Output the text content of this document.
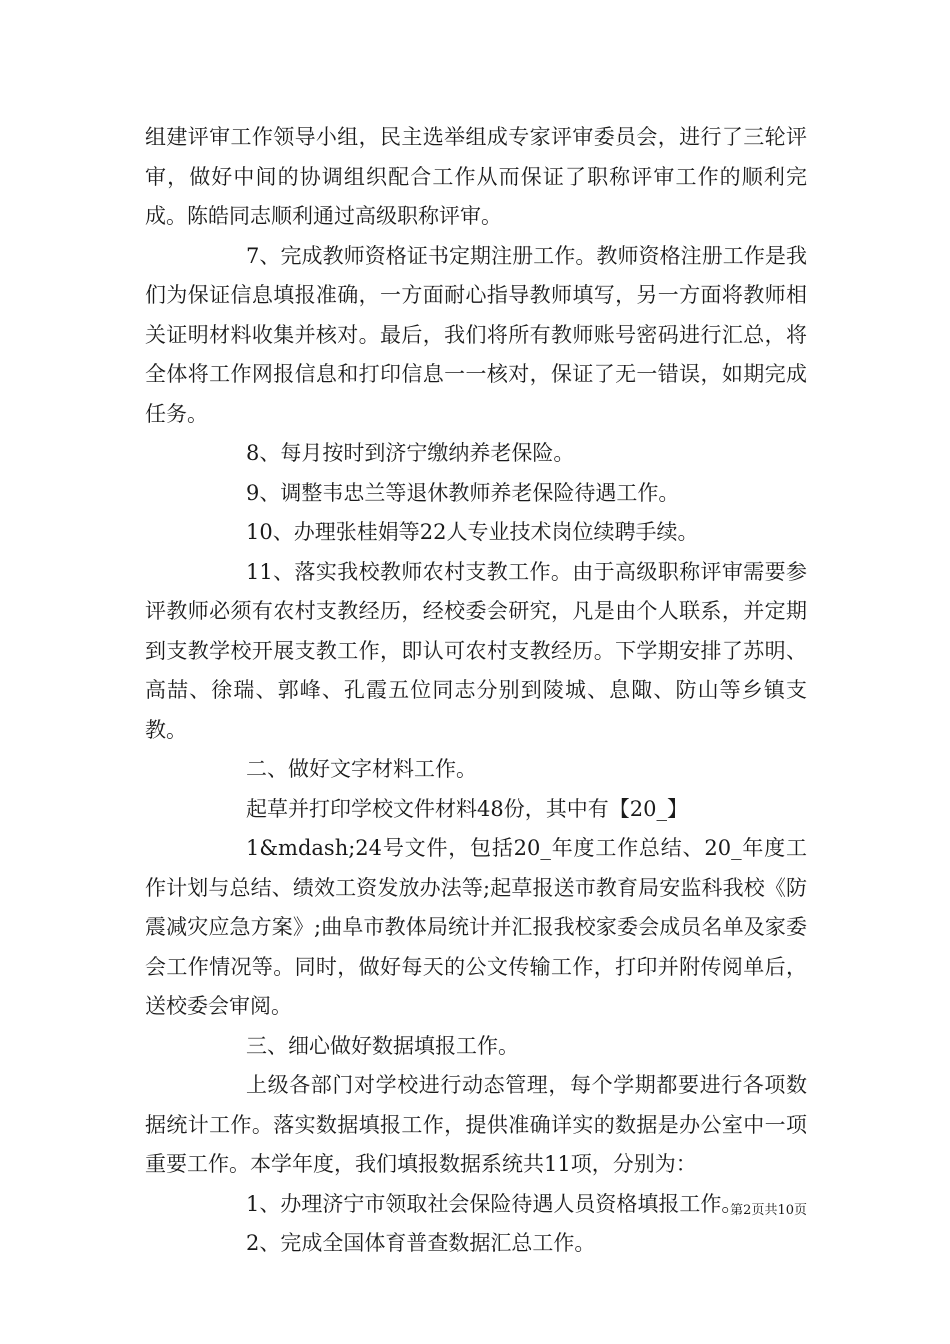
组建评审工作领导小组，民主选举组成专家评审委员会，进行了三轮评审，做好中间的协调组织配合工作从而保证了职称评审工作的顺利完成。陈皓同志顺利通过高级职称评审。

7、完成教师资格证书定期注册工作。教师资格注册工作是我们为保证信息填报准确，一方面耐心指导教师填写，另一方面将教师相关证明材料收集并核对。最后，我们将所有教师账号密码进行汇总，将全体将工作网报信息和打印信息一一核对，保证了无一错误，如期完成任务。

8、每月按时到济宁缴纳养老保险。

9、调整韦忠兰等退休教师养老保险待遇工作。

10、办理张桂娟等22人专业技术岗位续聘手续。

11、落实我校教师农村支教工作。由于高级职称评审需要参评教师必须有农村支教经历，经校委会研究，凡是由个人联系，并定期到支教学校开展支教工作，即认可农村支教经历。下学期安排了苏明、高喆、徐瑞、郭峰、孔霞五位同志分别到陵城、息陬、防山等乡镇支教。

二、做好文字材料工作。

起草并打印学校文件材料48份，其中有【20_】

1&mdash;24号文件，包括20_年度工作总结、20_年度工作计划与总结、绩效工资发放办法等;起草报送市教育局安监科我校《防震减灾应急方案》;曲阜市教体局统计并汇报我校家委会成员名单及家委会工作情况等。同时，做好每天的公文传输工作，打印并附传阅单后，送校委会审阅。

三、细心做好数据填报工作。

上级各部门对学校进行动态管理，每个学期都要进行各项数据统计工作。落实数据填报工作，提供准确详实的数据是办公室中一项重要工作。本学年度，我们填报数据系统共11项，分别为：

1、办理济宁市领取社会保险待遇人员资格填报工作。

2、完成全国体育普查数据汇总工作。

第2页共10页
